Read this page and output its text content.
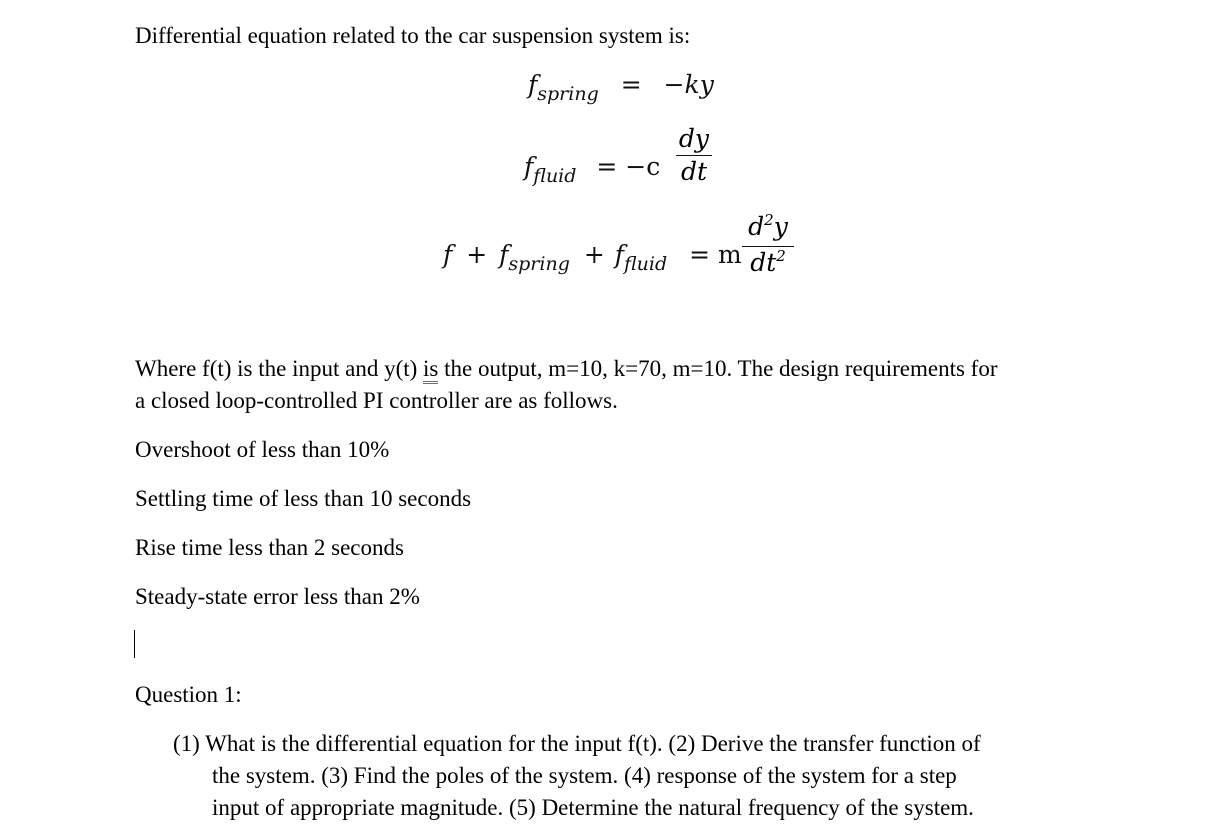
Differential equation related to the car suspension system is:
$f_{spring} = -ky$
$f_{fluid} = -c$
dy
dt
$f + f_{spring} + f_{fluid} = m$
$d^2y$
$dt^2$
Where f(t) is the input and y(t) is the output, m=10, k=70, m=10. The design requirements for
a closed loop-controlled PI controller are as follows.
Overshoot of less than 10%
Settling time of less than 10 seconds
Rise time less than 2 seconds
Steady-state error less than 2%
Question 1:
(1) What is the differential equation for the input f(t). (2) Derive the transfer function of
the system. (3) Find the poles of the system. (4) response of the system for a step
input of appropriate magnitude. (5) Determine the natural frequency of the system.
